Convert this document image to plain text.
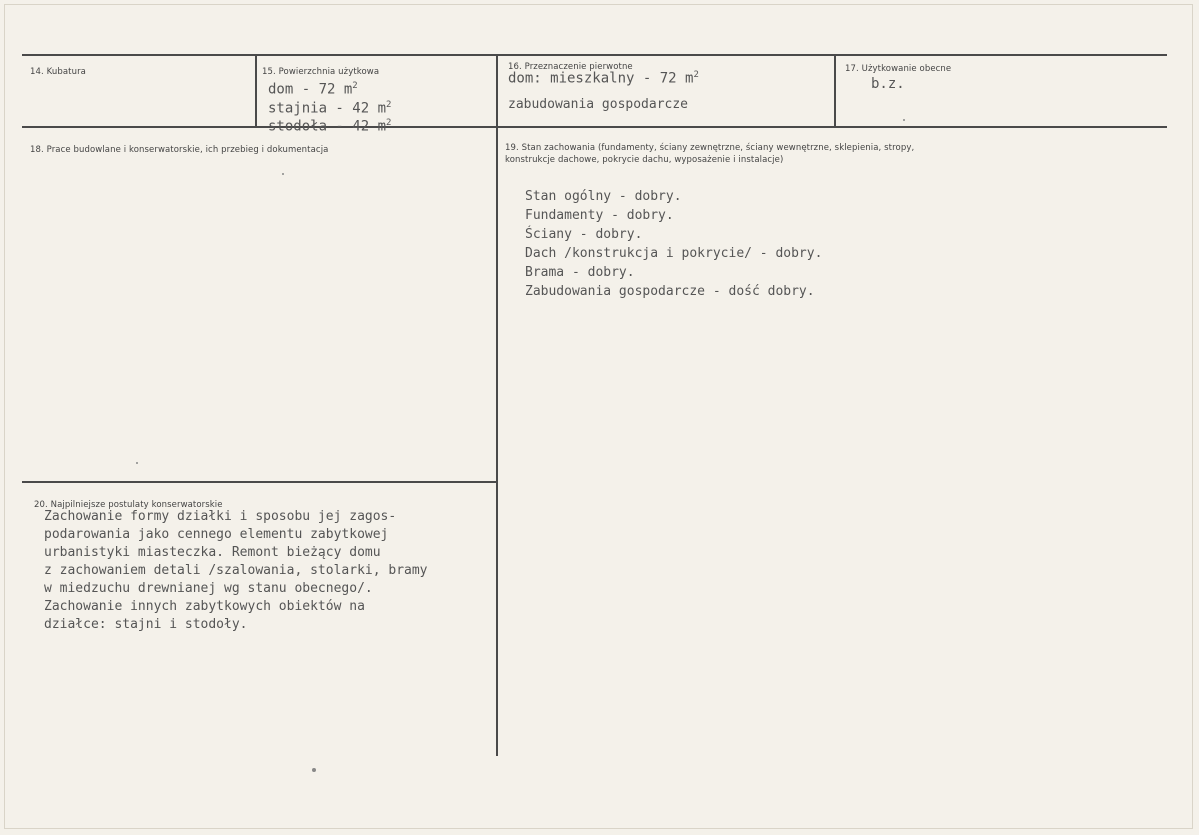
14. Kubatura	15. Powierzchnia użytkowa
dom - 72 $m^2$
stajnia - 42 $m^2$
stodoła - 42 $m^2$
16. Przeznaczenie pierwotne
dom: mieszkalny - 72 $m^2$
zabudowania gospodarcze
17. Użytkowanie obecne
b.z.
18. Prace budowlane i konserwatorskie, ich przebieg i dokumentacja	19. Stan zachowania (fundamenty, ściany zewnętrzne, ściany wewnętrzne, sklepienia, stropy,
konstrukcje dachowe, pokrycie dachu, wyposażenie i instalacje)
Stan ogólny - dobry.
Fundamenty - dobry.
Ściany - dobry.
Dach /konstrukcja i pokrycie/ - dobry.
Brama - dobry.
Zabudowania gospodarcze - dość dobry.
20. Najpilniejsze postulaty konserwatorskie
Zachowanie formy działki i sposobu jej zagos-
podarowania jako cennego elementu zabytkowej
urbanistyki miasteczka. Remont bieżący domu
z zachowaniem detali /szalowania, stolarki, bramy
w miedzuchu drewnianej wg stanu obecnego/.
Zachowanie innych zabytkowych obiektów na
działce: stajni i stodoły.
